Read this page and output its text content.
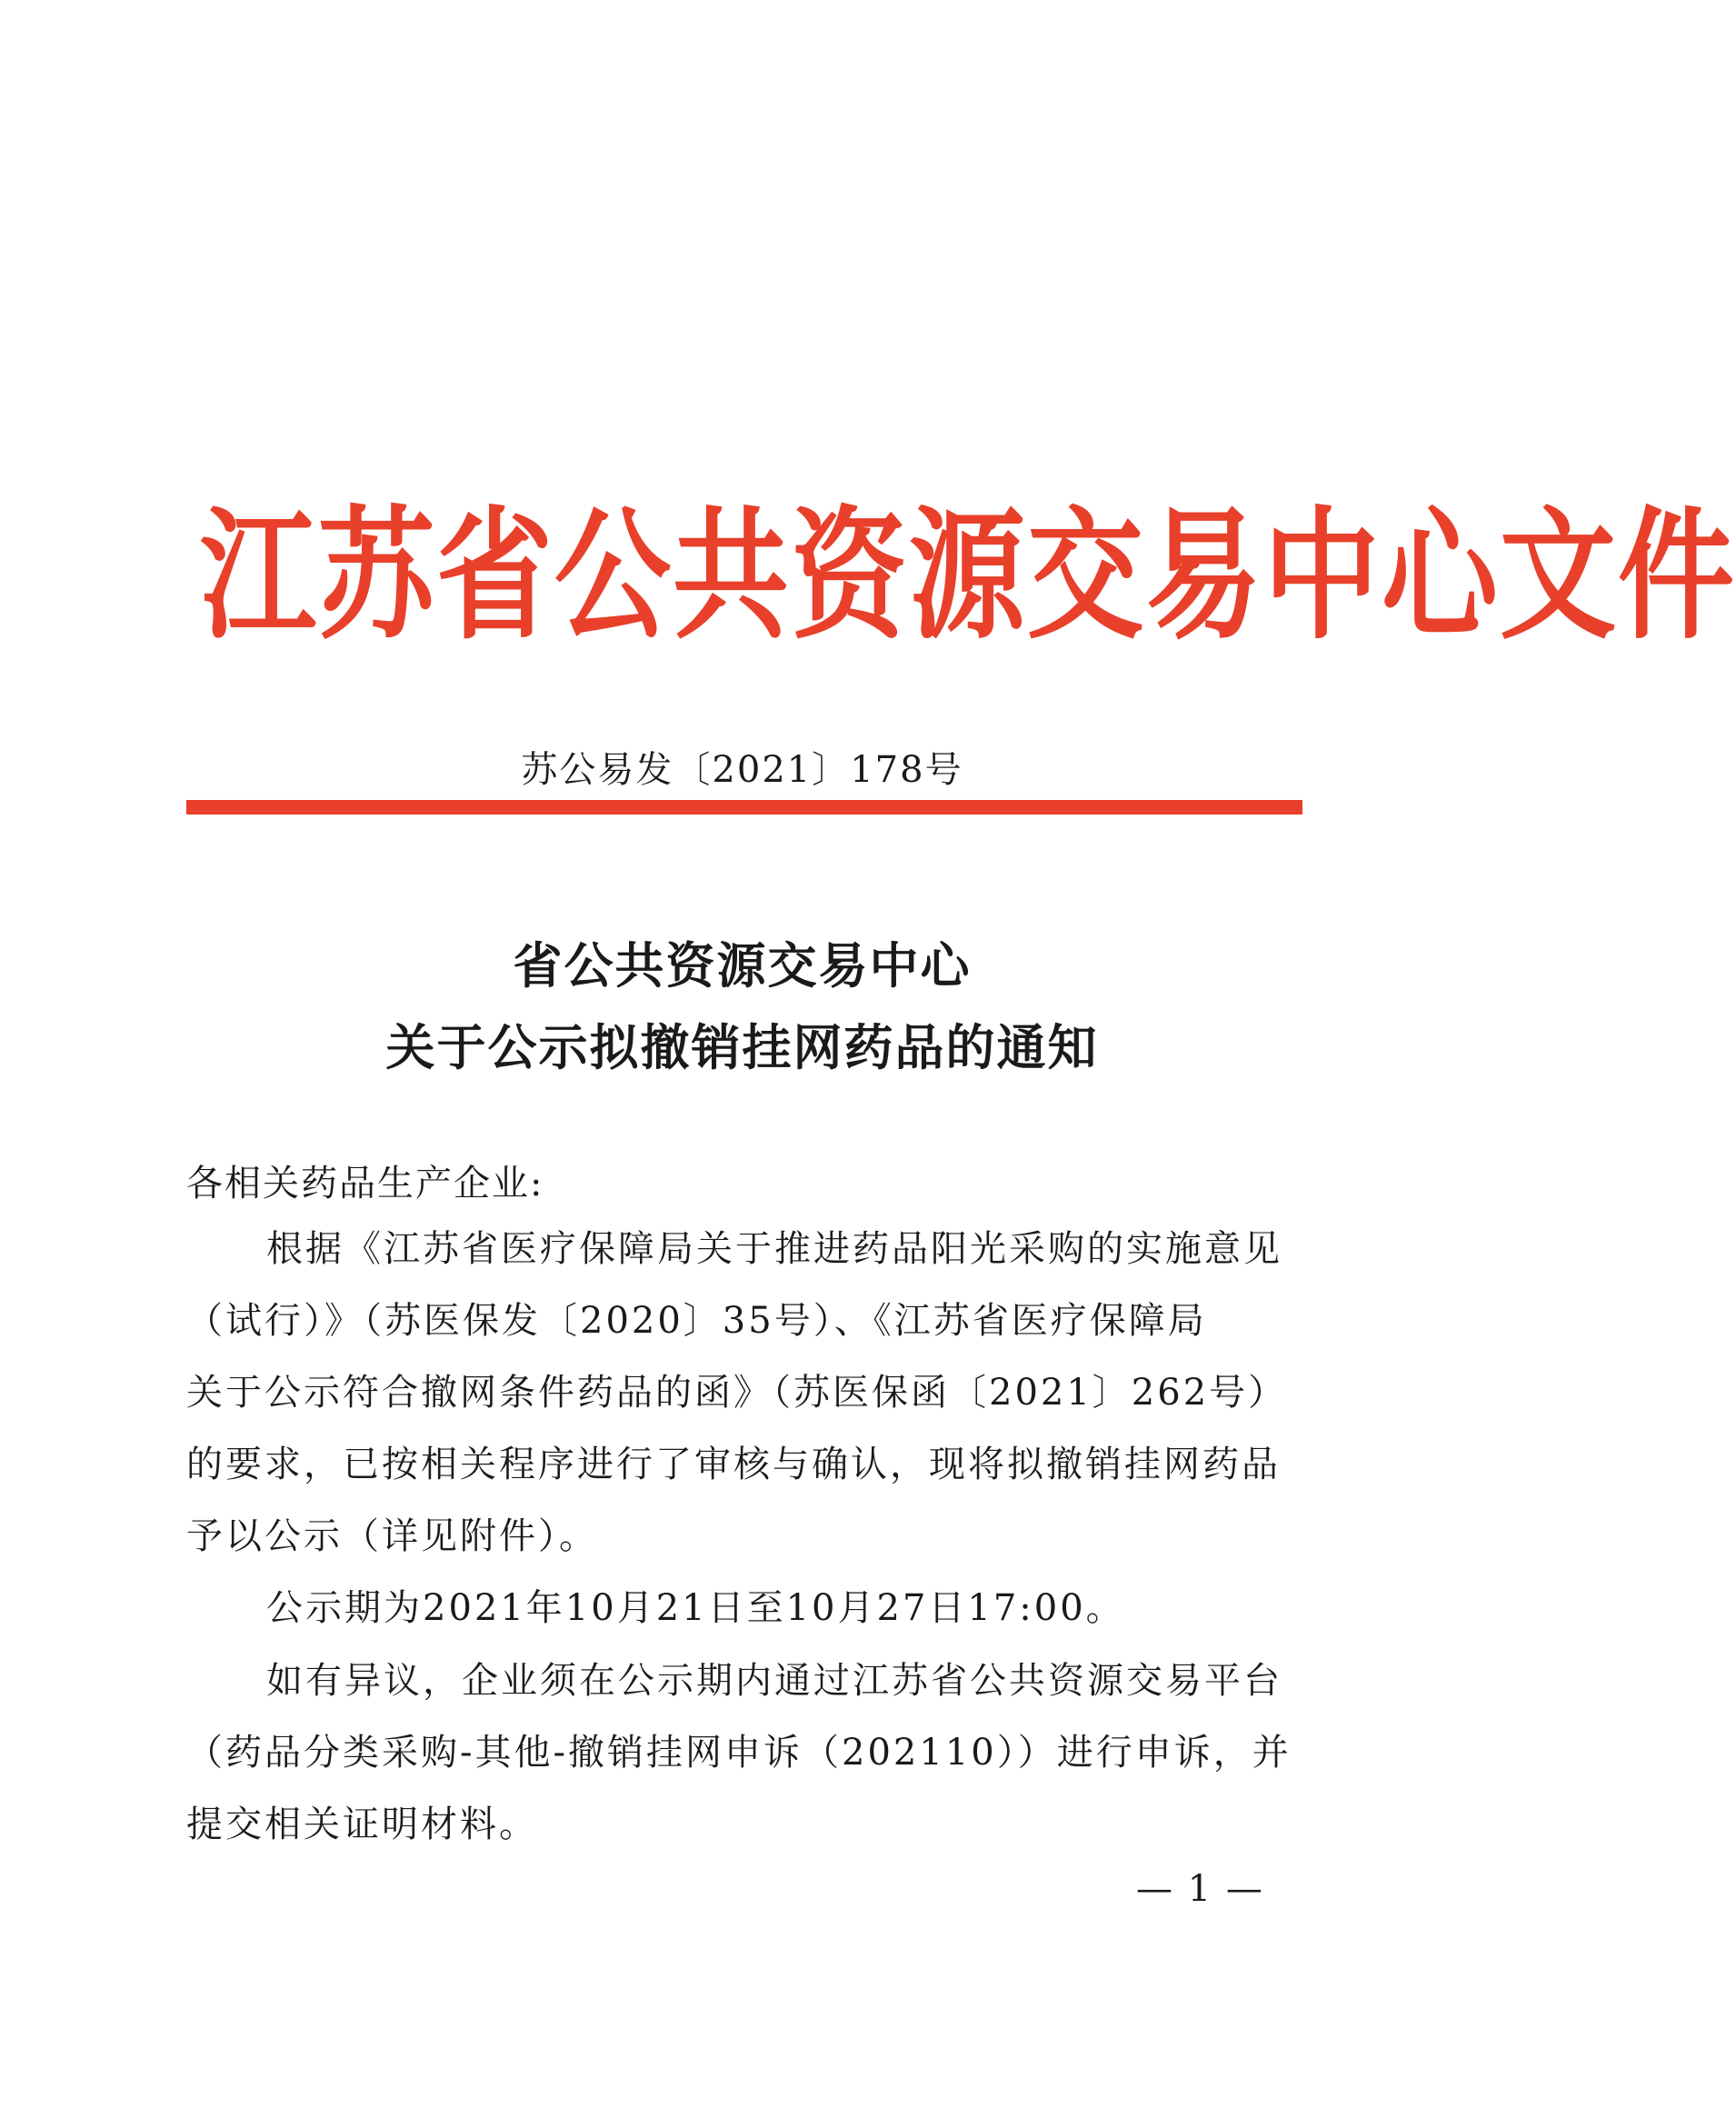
江苏省公共资源交易中心文件
苏公易发〔2021〕178号
省公共资源交易中心
关于公示拟撤销挂网药品的通知
各相关药品生产企业:
根据《江苏省医疗保障局关于推进药品阳光采购的实施意见
（试行）》（苏医保发〔2020〕35号）、《江苏省医疗保障局
关于公示符合撤网条件药品的函》（苏医保函〔2021〕262号）
的要求，已按相关程序进行了审核与确认，现将拟撤销挂网药品
予以公示（详见附件）。
公示期为2021年10月21日至10月27日17:00。
如有异议，企业须在公示期内通过江苏省公共资源交易平台
（药品分类采购-其他-撤销挂网申诉（202110））进行申诉，并
提交相关证明材料。
— 1 —
